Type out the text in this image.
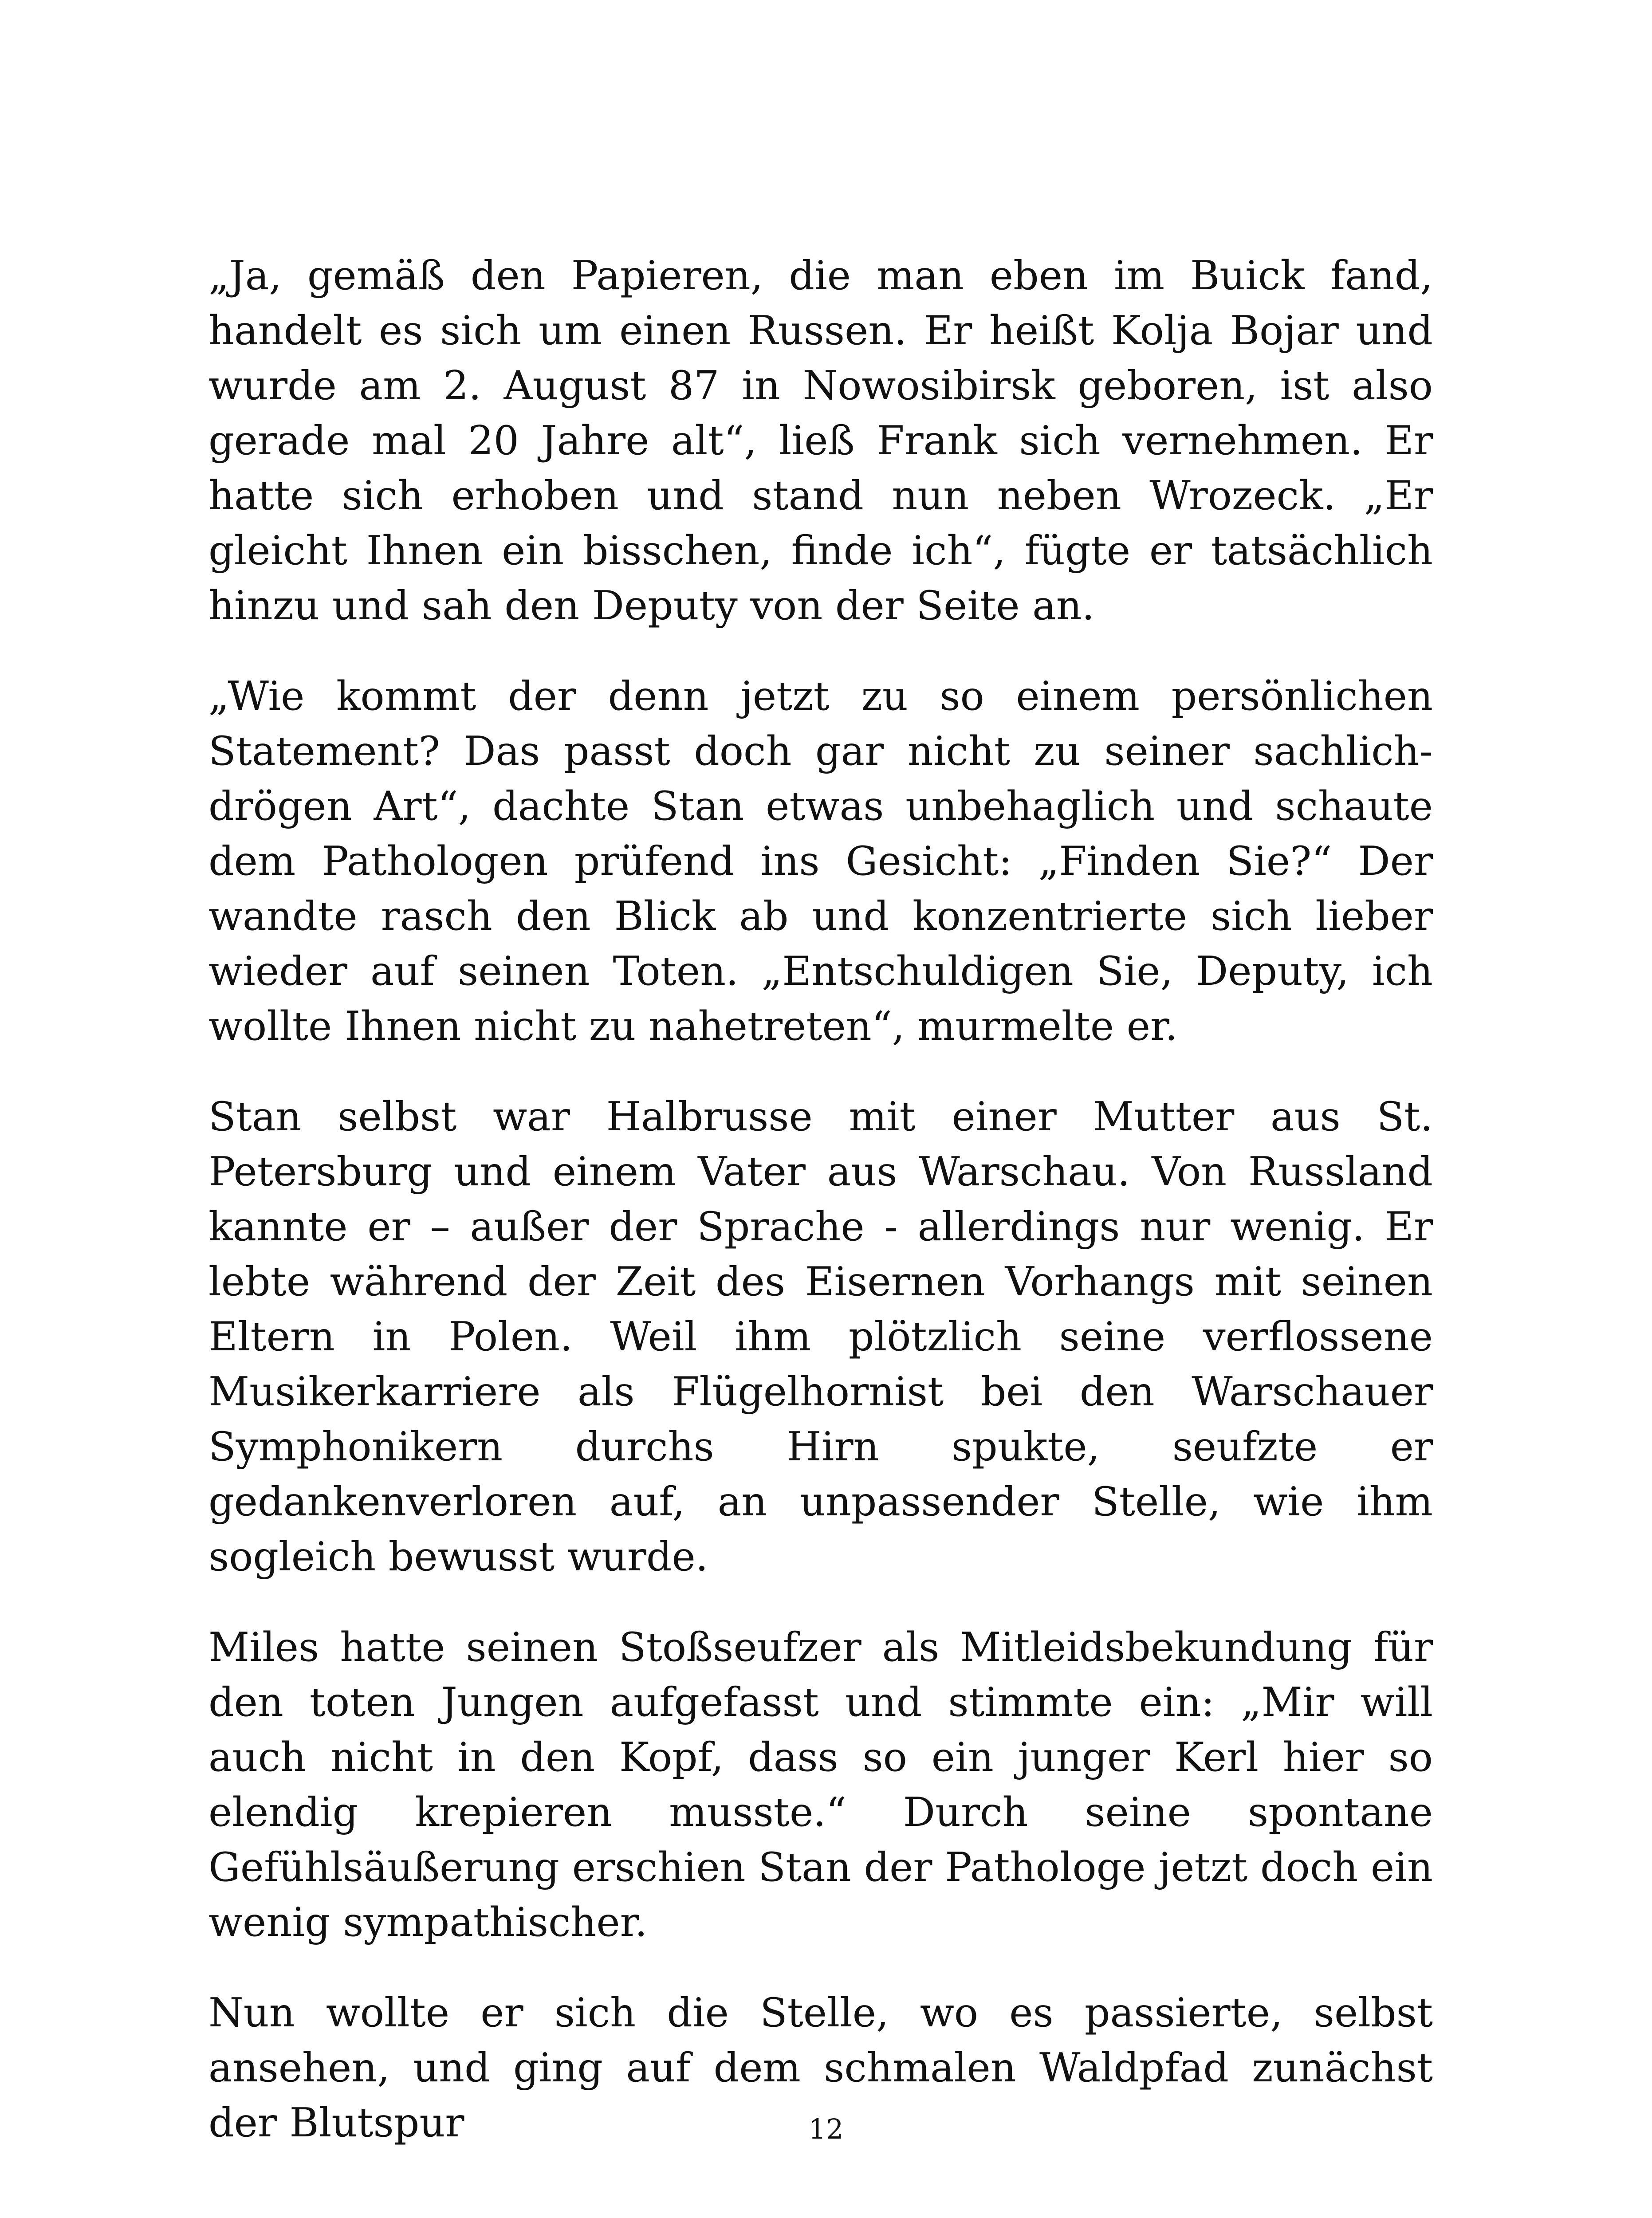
„Ja, gemäß den Papieren, die man eben im Buick fand, handelt es sich um einen Russen. Er heißt Kolja Bojar und wurde am 2. August 87 in Nowosibirsk geboren, ist also gerade mal 20 Jahre alt“, ließ Frank sich vernehmen. Er hatte sich erhoben und stand nun neben Wrozeck. „Er gleicht Ihnen ein bisschen, finde ich“, fügte er tatsächlich hinzu und sah den Deputy von der Seite an.

„Wie kommt der denn jetzt zu so einem persönlichen Statement? Das passt doch gar nicht zu seiner sachlich-drögen Art“, dachte Stan etwas unbehaglich und schaute dem Pathologen prüfend ins Gesicht: „Finden Sie?“ Der wandte rasch den Blick ab und konzentrierte sich lieber wieder auf seinen Toten. „Entschuldigen Sie, Deputy, ich wollte Ihnen nicht zu nahetreten“, murmelte er.

Stan selbst war Halbrusse mit einer Mutter aus St. Petersburg und einem Vater aus Warschau. Von Russland kannte er – außer der Sprache - allerdings nur wenig. Er lebte während der Zeit des Eisernen Vorhangs mit seinen Eltern in Polen. Weil ihm plötzlich seine verflossene Musikerkarriere als Flügelhornist bei den Warschauer Symphonikern durchs Hirn spukte, seufzte er gedankenverloren auf, an unpassender Stelle, wie ihm sogleich bewusst wurde.

Miles hatte seinen Stoßseufzer als Mitleidsbekundung für den toten Jungen aufgefasst und stimmte ein: „Mir will auch nicht in den Kopf, dass so ein junger Kerl hier so elendig krepieren musste.“ Durch seine spontane Gefühlsäußerung erschien Stan der Pathologe jetzt doch ein wenig sympathischer.

Nun wollte er sich die Stelle, wo es passierte, selbst ansehen, und ging auf dem schmalen Waldpfad zunächst der Blutspur	12
